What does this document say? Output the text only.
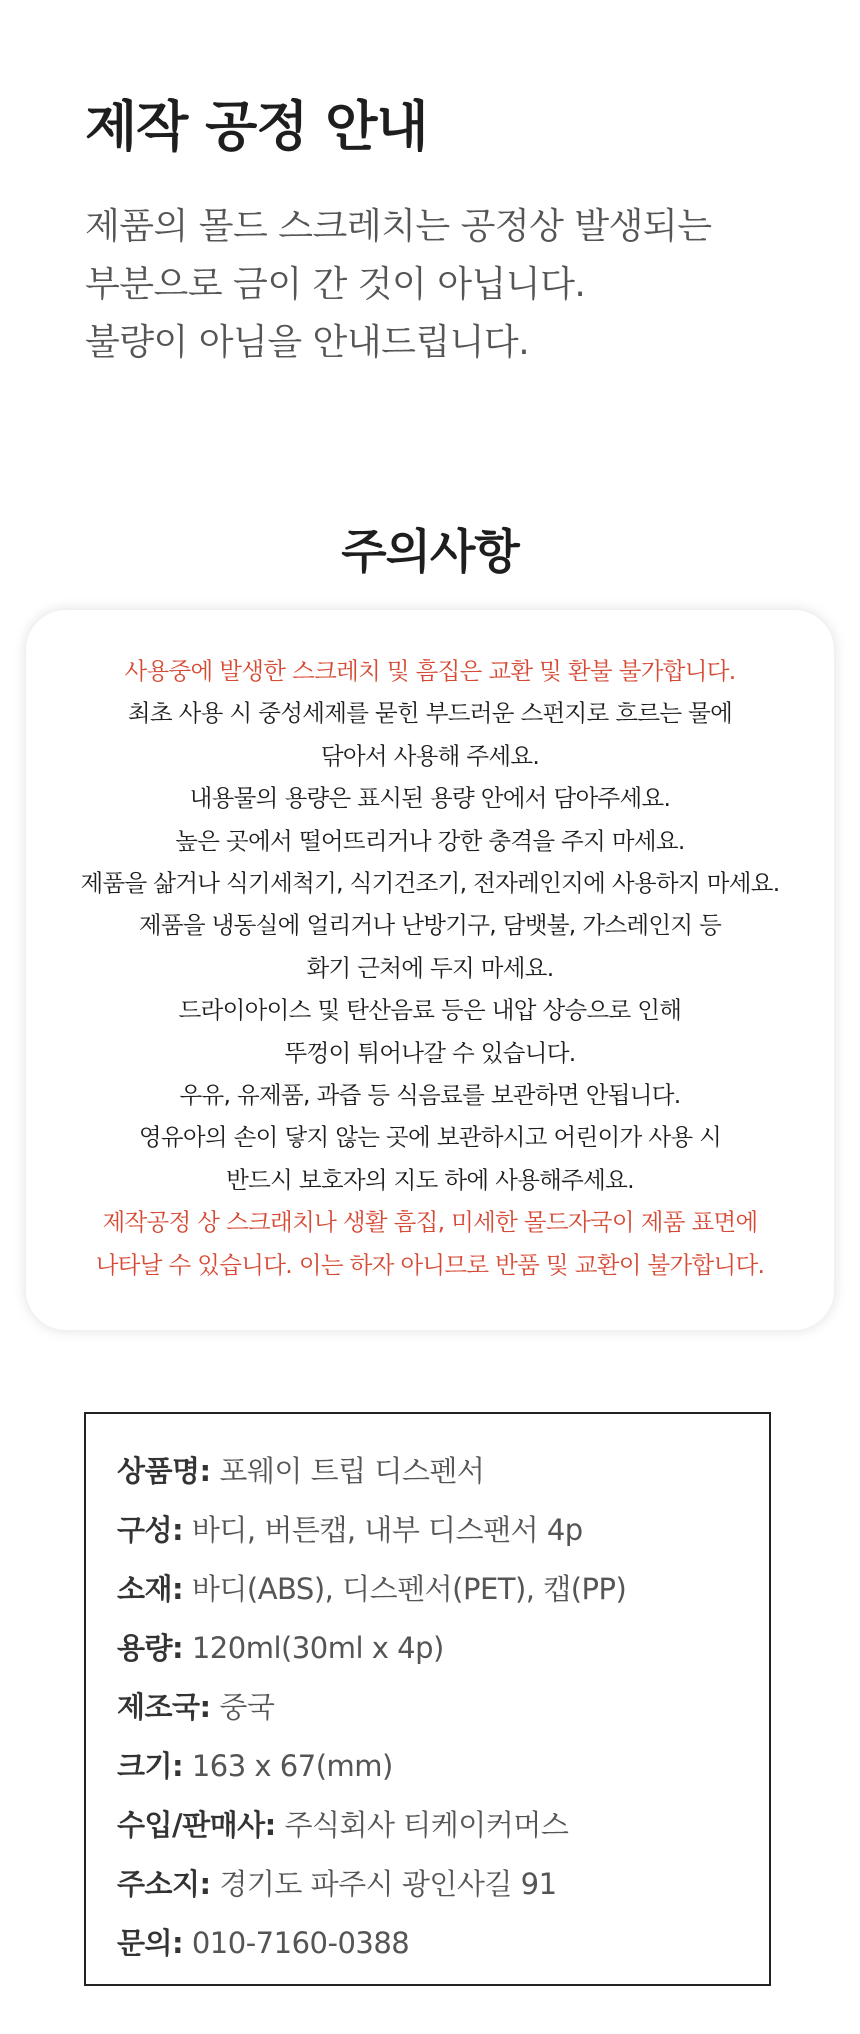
제작 공정 안내
제품의 몰드 스크레치는 공정상 발생되는
부분으로 금이 간 것이 아닙니다.
불량이 아님을 안내드립니다.
주의사항
사용중에 발생한 스크레치 및 흠집은 교환 및 환불 불가합니다.
최초 사용 시 중성세제를 묻힌 부드러운 스펀지로 흐르는 물에
닦아서 사용해 주세요.
내용물의 용량은 표시된 용량 안에서 담아주세요.
높은 곳에서 떨어뜨리거나 강한 충격을 주지 마세요.
제품을 삶거나 식기세척기, 식기건조기, 전자레인지에 사용하지 마세요.
제품을 냉동실에 얼리거나 난방기구, 담뱃불, 가스레인지 등
화기 근처에 두지 마세요.
드라이아이스 및 탄산음료 등은 내압 상승으로 인해
뚜껑이 튀어나갈 수 있습니다.
우유, 유제품, 과즙 등 식음료를 보관하면 안됩니다.
영유아의 손이 닿지 않는 곳에 보관하시고 어린이가 사용 시
반드시 보호자의 지도 하에 사용해주세요.
제작공정 상 스크래치나 생활 흠집, 미세한 몰드자국이 제품 표면에
나타날 수 있습니다. 이는 하자 아니므로 반품 및 교환이 불가합니다.
상품명: 포웨이 트립 디스펜서
구성: 바디, 버튼캡, 내부 디스팬서 4p
소재: 바디(ABS), 디스펜서(PET), 캡(PP)
용량: 120ml(30ml x 4p)
제조국: 중국
크기: 163 x 67(mm)
수입/판매사: 주식회사 티케이커머스
주소지: 경기도 파주시 광인사길 91
문의: 010-7160-0388
